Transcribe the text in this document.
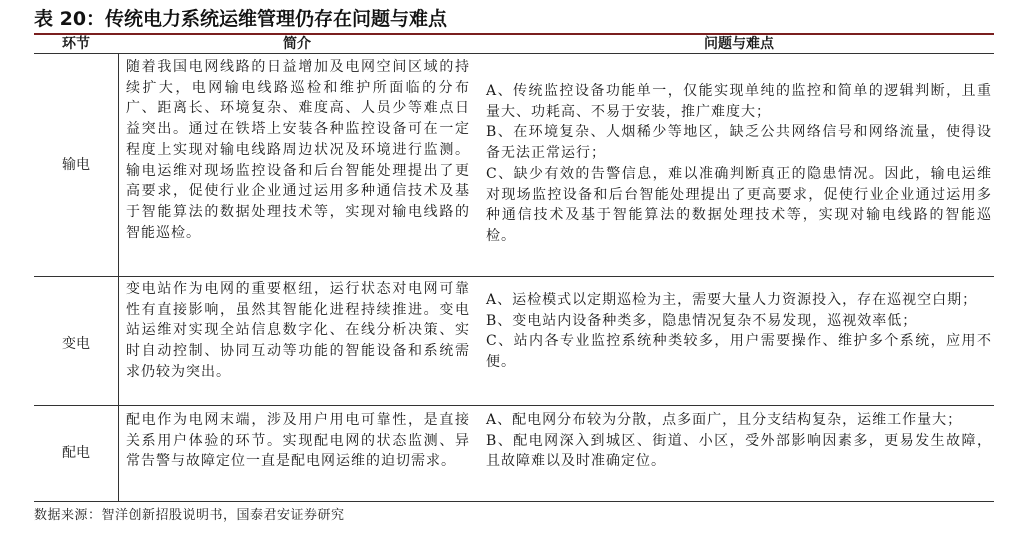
表 20：传统电力系统运维管理仍存在问题与难点
环节	简介	问题与难点
输电
随着我国电网线路的日益增加及电网空间区域的持续扩大，电网输电线路巡检和维护所面临的分布广、距离长、环境复杂、难度高、人员少等难点日益突出。通过在铁塔上安装各种监控设备可在一定程度上实现对输电线路周边状况及环境进行监测。输电运维对现场监控设备和后台智能处理提出了更高要求，促使行业企业通过运用多种通信技术及基于智能算法的数据处理技术等，实现对输电线路的智能巡检。
A、传统监控设备功能单一，仅能实现单纯的监控和简单的逻辑判断，且重量大、功耗高、不易于安装，推广难度大；
B、在环境复杂、人烟稀少等地区，缺乏公共网络信号和网络流量，使得设备无法正常运行；
C、缺少有效的告警信息，难以准确判断真正的隐患情况。因此，输电运维对现场监控设备和后台智能处理提出了更高要求，促使行业企业通过运用多种通信技术及基于智能算法的数据处理技术等，实现对输电线路的智能巡检。
变电
变电站作为电网的重要枢纽，运行状态对电网可靠性有直接影响，虽然其智能化进程持续推进。变电站运维对实现全站信息数字化、在线分析决策、实时自动控制、协同互动等功能的智能设备和系统需求仍较为突出。
A、运检模式以定期巡检为主，需要大量人力资源投入，存在巡视空白期；
B、变电站内设备种类多，隐患情况复杂不易发现，巡视效率低；
C、站内各专业监控系统种类较多，用户需要操作、维护多个系统，应用不便。
配电
配电作为电网末端，涉及用户用电可靠性，是直接关系用户体验的环节。实现配电网的状态监测、异常告警与故障定位一直是配电网运维的迫切需求。
A、配电网分布较为分散，点多面广，且分支结构复杂，运维工作量大；
B、配电网深入到城区、街道、小区，受外部影响因素多，更易发生故障，且故障难以及时准确定位。
数据来源：智洋创新招股说明书，国泰君安证券研究
